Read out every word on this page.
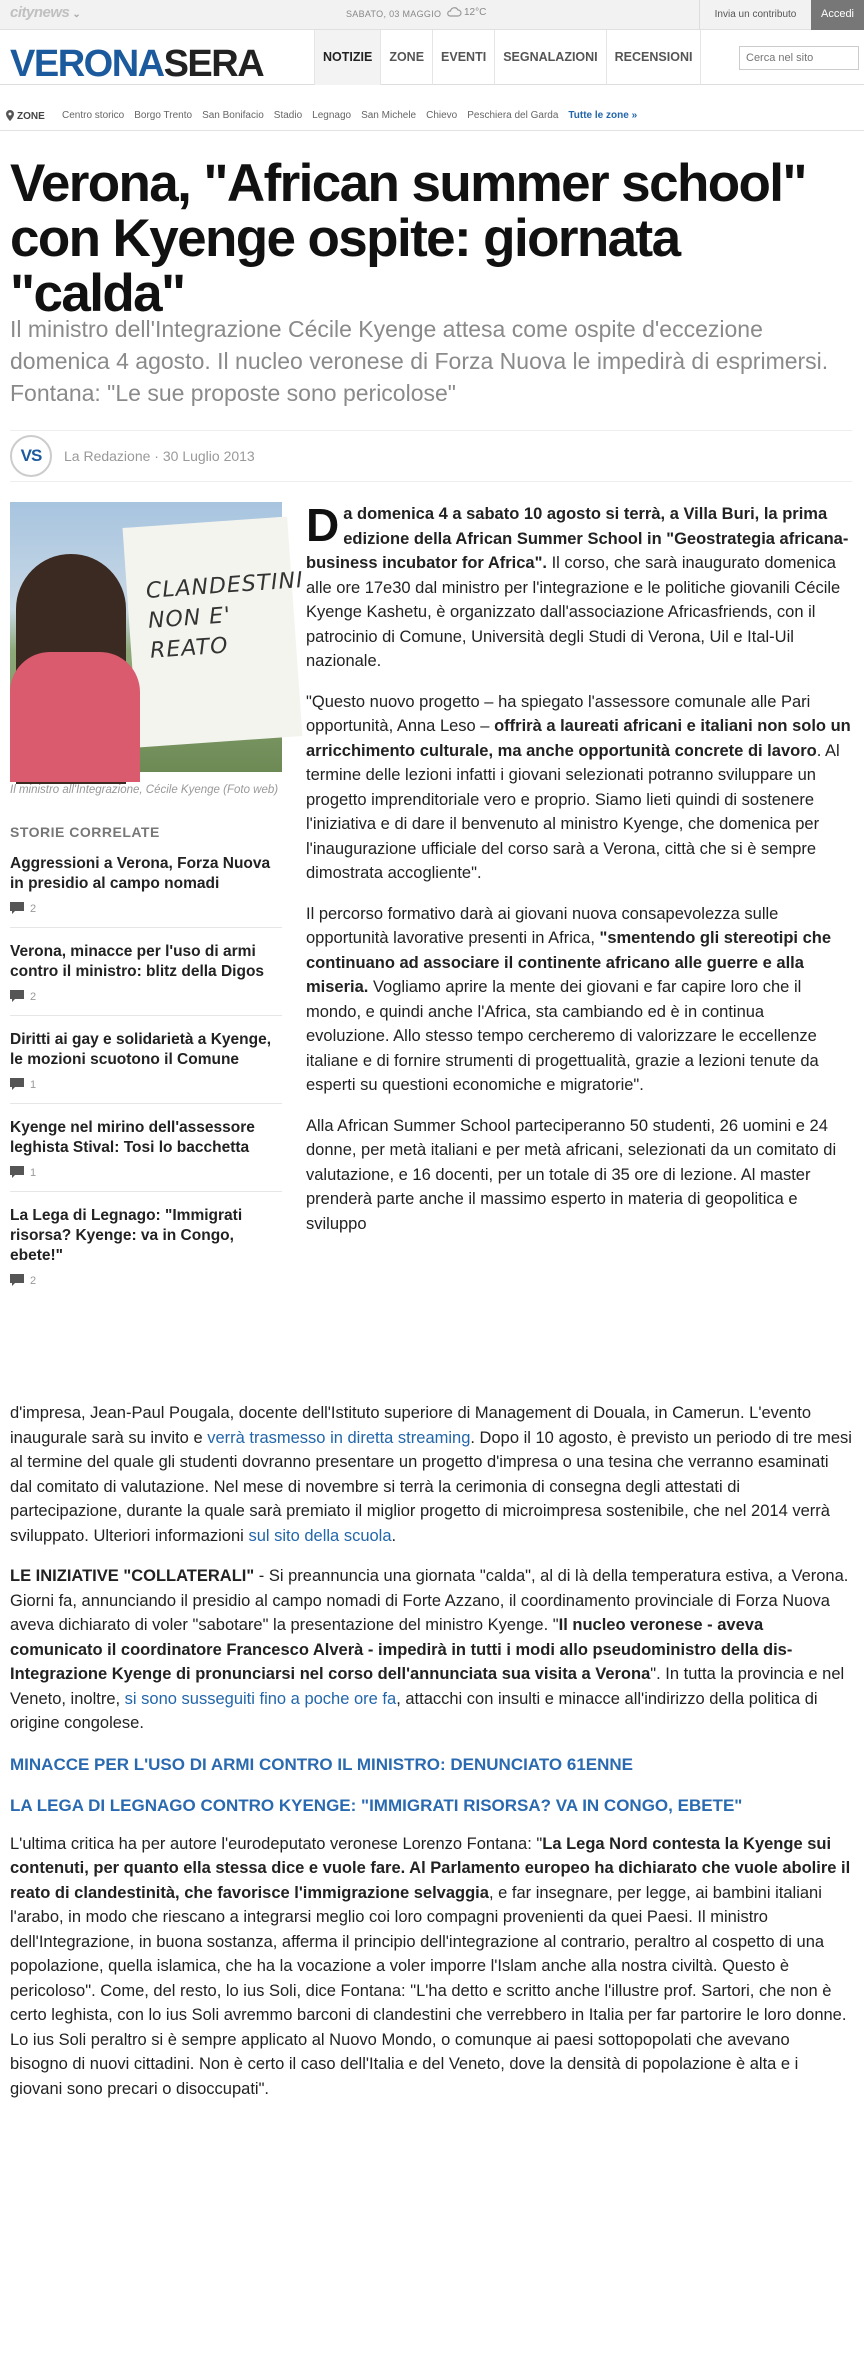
citynews ⌄	SABATO, 03 MAGGIO	12°C	Invia un contributo	Accedi
VERONASERA	NOTIZIE	ZONE	EVENTI	SEGNALAZIONI	RECENSIONI
Cerca nel sito
ZONE Centro storico Borgo Trento San Bonifacio Stadio Legnago San Michele Chievo Peschiera del Garda Tutte le zone »
Verona, "African summer school" con Kyenge ospite: giornata "calda"
Il ministro dell'Integrazione Cécile Kyenge attesa come ospite d'eccezione domenica 4 agosto. Il nucleo veronese di Forza Nuova le impedirà di esprimersi. Fontana: "Le sue proposte sono pericolose"
VS	La Redazione · 30 Luglio 2013
CLANDESTINI NON E' REATO
Il ministro all'Integrazione, Cécile Kyenge (Foto web)
STORIE CORRELATE
Aggressioni a Verona, Forza Nuova in presidio al campo nomadi
2
Verona, minacce per l'uso di armi contro il ministro: blitz della Digos
2
Diritti ai gay e solidarietà a Kyenge, le mozioni scuotono il Comune
1
Kyenge nel mirino dell'assessore leghista Stival: Tosi lo bacchetta
1
La Lega di Legnago: "Immigrati risorsa? Kyenge: va in Congo, ebete!"
2

Da domenica 4 a sabato 10 agosto si terrà, a Villa Buri, la prima edizione della African Summer School in "Geostrategia africana-business incubator for Africa". Il corso, che sarà inaugurato domenica alle ore 17e30 dal ministro per l'integrazione e le politiche giovanili Cécile Kyenge Kashetu, è organizzato dall'associazione Africasfriends, con il patrocinio di Comune, Università degli Studi di Verona, Uil e Ital-Uil nazionale.

"Questo nuovo progetto – ha spiegato l'assessore comunale alle Pari opportunità, Anna Leso – offrirà a laureati africani e italiani non solo un arricchimento culturale, ma anche opportunità concrete di lavoro. Al termine delle lezioni infatti i giovani selezionati potranno sviluppare un progetto imprenditoriale vero e proprio. Siamo lieti quindi di sostenere l'iniziativa e di dare il benvenuto al ministro Kyenge, che domenica per l'inaugurazione ufficiale del corso sarà a Verona, città che si è sempre dimostrata accogliente".

Il percorso formativo darà ai giovani nuova consapevolezza sulle opportunità lavorative presenti in Africa, "smentendo gli stereotipi che continuano ad associare il continente africano alle guerre e alla miseria. Vogliamo aprire la mente dei giovani e far capire loro che il mondo, e quindi anche l'Africa, sta cambiando ed è in continua evoluzione. Allo stesso tempo cercheremo di valorizzare le eccellenze italiane e di fornire strumenti di progettualità, grazie a lezioni tenute da esperti su questioni economiche e migratorie".

Alla African Summer School parteciperanno 50 studenti, 26 uomini e 24 donne, per metà italiani e per metà africani, selezionati da un comitato di valutazione, e 16 docenti, per un totale di 35 ore di lezione. Al master prenderà parte anche il massimo esperto in materia di geopolitica e sviluppo

d'impresa, Jean-Paul Pougala, docente dell'Istituto superiore di Management di Douala, in Camerun. L'evento inaugurale sarà su invito e verrà trasmesso in diretta streaming. Dopo il 10 agosto, è previsto un periodo di tre mesi al termine del quale gli studenti dovranno presentare un progetto d'impresa o una tesina che verranno esaminati dal comitato di valutazione. Nel mese di novembre si terrà la cerimonia di consegna degli attestati di partecipazione, durante la quale sarà premiato il miglior progetto di microimpresa sostenibile, che nel 2014 verrà sviluppato. Ulteriori informazioni sul sito della scuola.

LE INIZIATIVE "COLLATERALI" - Si preannuncia una giornata "calda", al di là della temperatura estiva, a Verona. Giorni fa, annunciando il presidio al campo nomadi di Forte Azzano, il coordinamento provinciale di Forza Nuova aveva dichiarato di voler "sabotare" la presentazione del ministro Kyenge. "Il nucleo veronese - aveva comunicato il coordinatore Francesco Alverà - impedirà in tutti i modi allo pseudoministro della dis-Integrazione Kyenge di pronunciarsi nel corso dell'annunciata sua visita a Verona". In tutta la provincia e nel Veneto, inoltre, si sono susseguiti fino a poche ore fa, attacchi con insulti e minacce all'indirizzo della politica di origine congolese.

MINACCE PER L'USO DI ARMI CONTRO IL MINISTRO: DENUNCIATO 61ENNE

LA LEGA DI LEGNAGO CONTRO KYENGE: "IMMIGRATI RISORSA? VA IN CONGO, EBETE"

L'ultima critica ha per autore l'eurodeputato veronese Lorenzo Fontana: "La Lega Nord contesta la Kyenge sui contenuti, per quanto ella stessa dice e vuole fare. Al Parlamento europeo ha dichiarato che vuole abolire il reato di clandestinità, che favorisce l'immigrazione selvaggia, e far insegnare, per legge, ai bambini italiani l'arabo, in modo che riescano a integrarsi meglio coi loro compagni provenienti da quei Paesi. Il ministro dell'Integrazione, in buona sostanza, afferma il principio dell'integrazione al contrario, peraltro al cospetto di una popolazione, quella islamica, che ha la vocazione a voler imporre l'Islam anche alla nostra civiltà. Questo è pericoloso". Come, del resto, lo ius Soli, dice Fontana: "L'ha detto e scritto anche l'illustre prof. Sartori, che non è certo leghista, con lo ius Soli avremmo barconi di clandestini che verrebbero in Italia per far partorire le loro donne. Lo ius Soli peraltro si è sempre applicato al Nuovo Mondo, o comunque ai paesi sottopopolati che avevano bisogno di nuovi cittadini. Non è certo il caso dell'Italia e del Veneto, dove la densità di popolazione è alta e i giovani sono precari o disoccupati".
